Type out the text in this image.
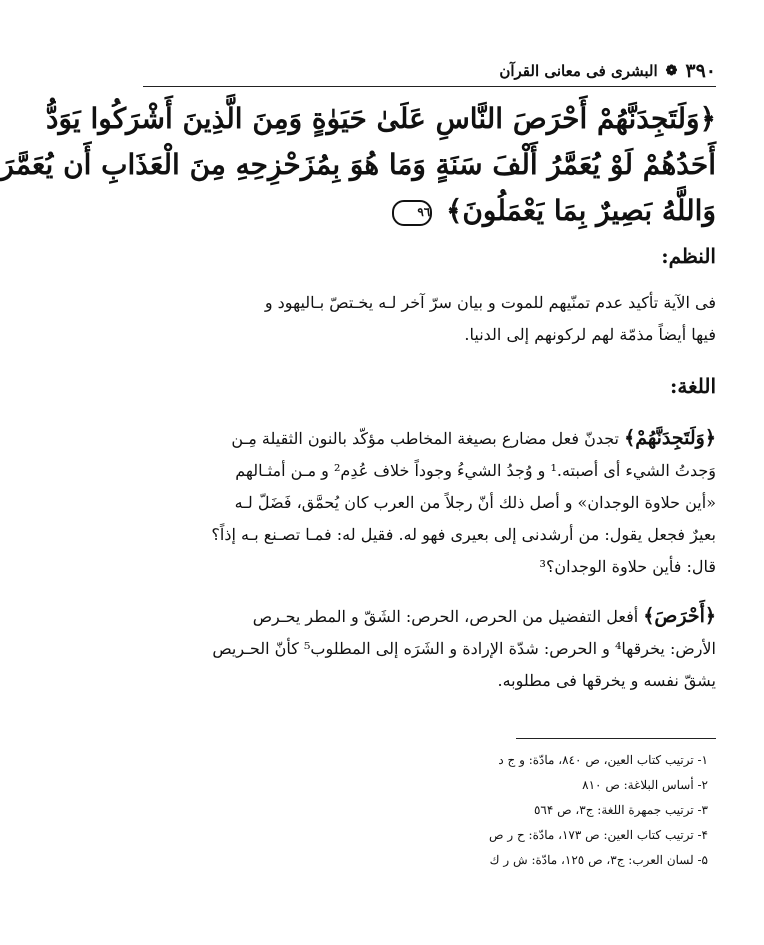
٣٩٠
❁
البشرى فى معانى القرآن
﴿وَلَتَجِدَنَّهُمْ أَحْرَصَ النَّاسِ عَلَىٰ حَيَوٰةٍ وَمِنَ الَّذِينَ أَشْرَكُوا يَوَدُّ
أَحَدُهُمْ لَوْ يُعَمَّرُ أَلْفَ سَنَةٍ وَمَا هُوَ بِمُزَحْزِحِهِ مِنَ الْعَذَابِ أَن يُعَمَّرَ
وَاللَّهُ بَصِيرٌ بِمَا يَعْمَلُونَ﴾ ٩٦
النظم:
فى الآية تأكيد عدم تمنّيهم للموت و بيان سرّ آخر لـه يخـتصّ بـاليهود و
فيها أيضاً مذمّة لهم لركونهم إلى الدنيا.
اللغة:
﴿وَلَتَجِدَنَّهُمْ﴾ تجدنّ فعل مضارع بصيغة المخاطب مؤكّد بالنون الثقيلة مِـن
وَجدتُ الشيء أى أصبته.¹ و وُجدُ الشيءُ وجوداً خلاف عُدِم² و مـن أمثـالهم
«أين حلاوة الوجدان» و أصل ذلك أنّ رجلاً من العرب كان يُحمَّق، فَضَلّ لـه
بعيرٌ فجعل يقول: من أرشدنى إلى بعيرى فهو له. فقيل له: فمـا تصـنع بـه إذاً؟
قال: فأين حلاوة الوجدان؟³
﴿أَحْرَصَ﴾ أفعل التفضيل من الحرص، الحرص: الشَقّ و المطر يحـرص
الأرض: يخرقها⁴ و الحرص: شدّة الإرادة و الشَرَه إلى المطلوب⁵ كأنّ الحـريص
يشقّ نفسه و يخرقها فى مطلوبه.
١- ترتيب كتاب العين، ص ٨٤٠، مادّة: و ج د
٢- أساس البلاغة: ص ٨١٠
٣- ترتيب جمهرة اللغة: ج٣، ص ٥٦۴
۴- ترتيب كتاب العين: ص ١٧٣، مادّة: ح ر ص
۵- لسان العرب: ج٣، ص ١٢٥، مادّة: ش ر ك
